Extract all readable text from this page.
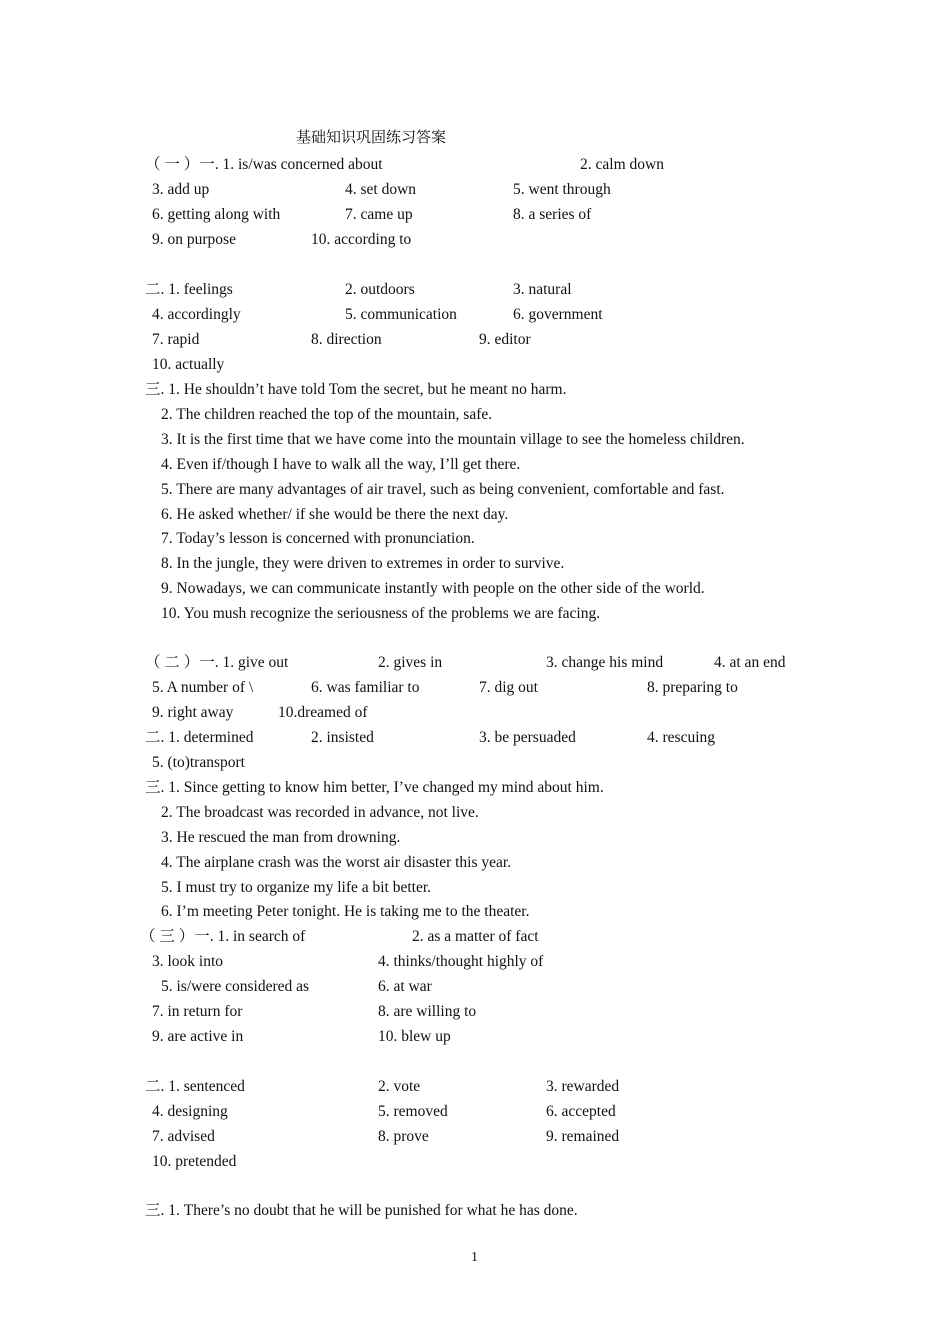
基础知识巩固练习答案
（ 一 ）一. 1. is/was concerned about	2. calm down
3. add up	4. set down	5. went through
6. getting along with	7. came up	8. a series of
9. on purpose	10. according to
二. 1. feelings	2. outdoors	3. natural
4. accordingly	5. communication	6. government
7. rapid	8. direction	9. editor
10. actually
三. 1. He shouldn’t have told Tom the secret, but he meant no harm.
2. The children reached the top of the mountain, safe.
3. It is the first time that we have come into the mountain village to see the homeless children.
4. Even if/though I have to walk all the way, I’ll get there.
5. There are many advantages of air travel, such as being convenient, comfortable and fast.
6. He asked whether/ if she would be there the next day.
7. Today’s lesson is concerned with pronunciation.
8. In the jungle, they were driven to extremes in order to survive.
9. Nowadays, we can communicate instantly with people on the other side of the world.
10. You mush recognize the seriousness of the problems we are facing.
（ 二 ）一. 1. give out	2. gives in	3. change his mind	4. at an end
5. A number of \	6. was familiar to	7. dig out	8. preparing to
9. right away	10.dreamed of
二. 1. determined	2. insisted	3. be persuaded	4. rescuing
5. (to)transport
三. 1. Since getting to know him better, I’ve changed my mind about him.
2. The broadcast was recorded in advance, not live.
3. He rescued the man from drowning.
4. The airplane crash was the worst air disaster this year.
5. I must try to organize my life a bit better.
6. I’m meeting Peter tonight. He is taking me to the theater.
（ 三 ）一. 1. in search of	2. as a matter of fact
3. look into	4. thinks/thought highly of
5. is/were considered as	6. at war
7. in return for	8. are willing to
9. are active in	10. blew up
二. 1. sentenced	2. vote	3. rewarded
4. designing	5. removed	6. accepted
7. advised	8. prove	9. remained
10. pretended
三. 1. There’s no doubt that he will be punished for what he has done.
1
